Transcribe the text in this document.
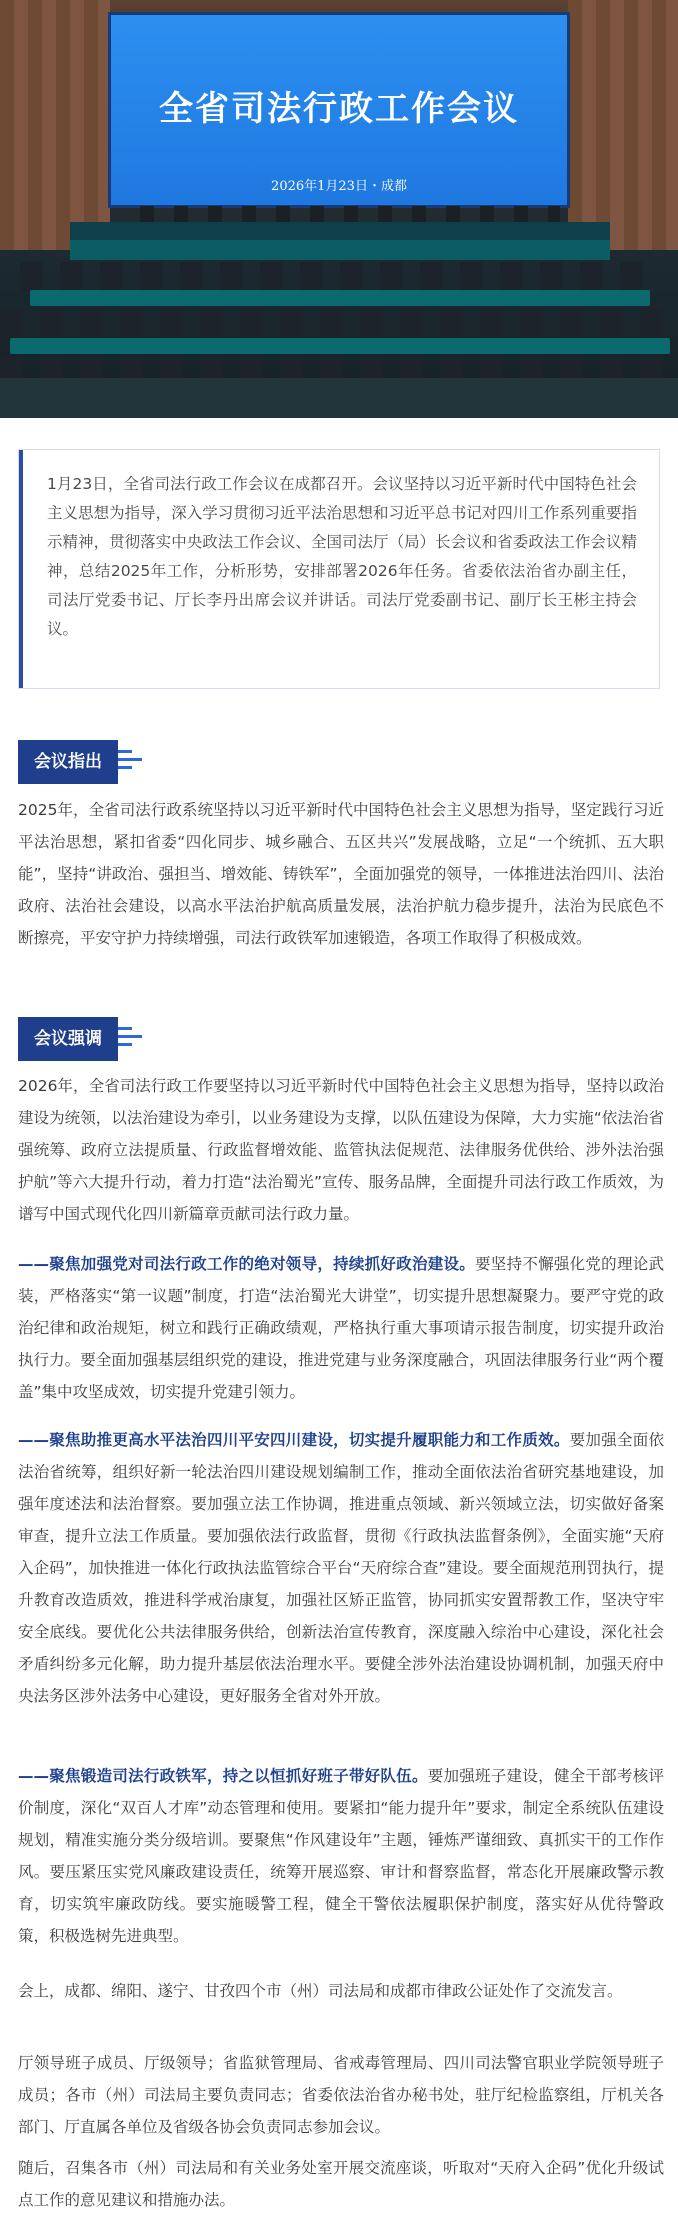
全省司法行政工作会议
2026年1月23日・成都
1月23日，全省司法行政工作会议在成都召开。会议坚持以习近平新时代中国特色社会主义思想为指导，深入学习贯彻习近平法治思想和习近平总书记对四川工作系列重要指示精神，贯彻落实中央政法工作会议、全国司法厅（局）长会议和省委政法工作会议精神，总结2025年工作，分析形势，安排部署2026年任务。省委依法治省办副主任，司法厅党委书记、厅长李丹出席会议并讲话。司法厅党委副书记、副厅长王彬主持会议。
会议指出

2025年，全省司法行政系统坚持以习近平新时代中国特色社会主义思想为指导，坚定践行习近平法治思想，紧扣省委“四化同步、城乡融合、五区共兴”发展战略，立足“一个统抓、五大职能”，坚持“讲政治、强担当、增效能、铸铁军”，全面加强党的领导，一体推进法治四川、法治政府、法治社会建设，以高水平法治护航高质量发展，法治护航力稳步提升，法治为民底色不断擦亮，平安守护力持续增强，司法行政铁军加速锻造，各项工作取得了积极成效。

会议强调

2026年，全省司法行政工作要坚持以习近平新时代中国特色社会主义思想为指导，坚持以政治建设为统领，以法治建设为牵引，以业务建设为支撑，以队伍建设为保障，大力实施“依法治省强统筹、政府立法提质量、行政监督增效能、监管执法促规范、法律服务优供给、涉外法治强护航”等六大提升行动，着力打造“法治蜀光”宣传、服务品牌，全面提升司法行政工作质效，为谱写中国式现代化四川新篇章贡献司法行政力量。

——聚焦加强党对司法行政工作的绝对领导，持续抓好政治建设。要坚持不懈强化党的理论武装，严格落实“第一议题”制度，打造“法治蜀光大讲堂”，切实提升思想凝聚力。要严守党的政治纪律和政治规矩，树立和践行正确政绩观，严格执行重大事项请示报告制度，切实提升政治执行力。要全面加强基层组织党的建设，推进党建与业务深度融合，巩固法律服务行业“两个覆盖”集中攻坚成效，切实提升党建引领力。

——聚焦助推更高水平法治四川平安四川建设，切实提升履职能力和工作质效。要加强全面依法治省统筹，组织好新一轮法治四川建设规划编制工作，推动全面依法治省研究基地建设，加强年度述法和法治督察。要加强立法工作协调，推进重点领域、新兴领域立法，切实做好备案审查，提升立法工作质量。要加强依法行政监督，贯彻《行政执法监督条例》，全面实施“天府入企码”，加快推进一体化行政执法监管综合平台“天府综合查”建设。要全面规范刑罚执行，提升教育改造质效，推进科学戒治康复，加强社区矫正监管，协同抓实安置帮教工作，坚决守牢安全底线。要优化公共法律服务供给，创新法治宣传教育，深度融入综治中心建设，深化社会矛盾纠纷多元化解，助力提升基层依法治理水平。要健全涉外法治建设协调机制，加强天府中央法务区涉外法务中心建设，更好服务全省对外开放。

——聚焦锻造司法行政铁军，持之以恒抓好班子带好队伍。要加强班子建设，健全干部考核评价制度，深化“双百人才库”动态管理和使用。要紧扣“能力提升年”要求，制定全系统队伍建设规划，精准实施分类分级培训。要聚焦“作风建设年”主题，锤炼严谨细致、真抓实干的工作作风。要压紧压实党风廉政建设责任，统筹开展巡察、审计和督察监督，常态化开展廉政警示教育，切实筑牢廉政防线。要实施暖警工程，健全干警依法履职保护制度，落实好从优待警政策，积极选树先进典型。

会上，成都、绵阳、遂宁、甘孜四个市（州）司法局和成都市律政公证处作了交流发言。

厅领导班子成员、厅级领导；省监狱管理局、省戒毒管理局、四川司法警官职业学院领导班子成员；各市（州）司法局主要负责同志；省委依法治省办秘书处，驻厅纪检监察组，厅机关各部门、厅直属各单位及省级各协会负责同志参加会议。

随后，召集各市（州）司法局和有关业务处室开展交流座谈，听取对“天府入企码”优化升级试点工作的意见建议和措施办法。
